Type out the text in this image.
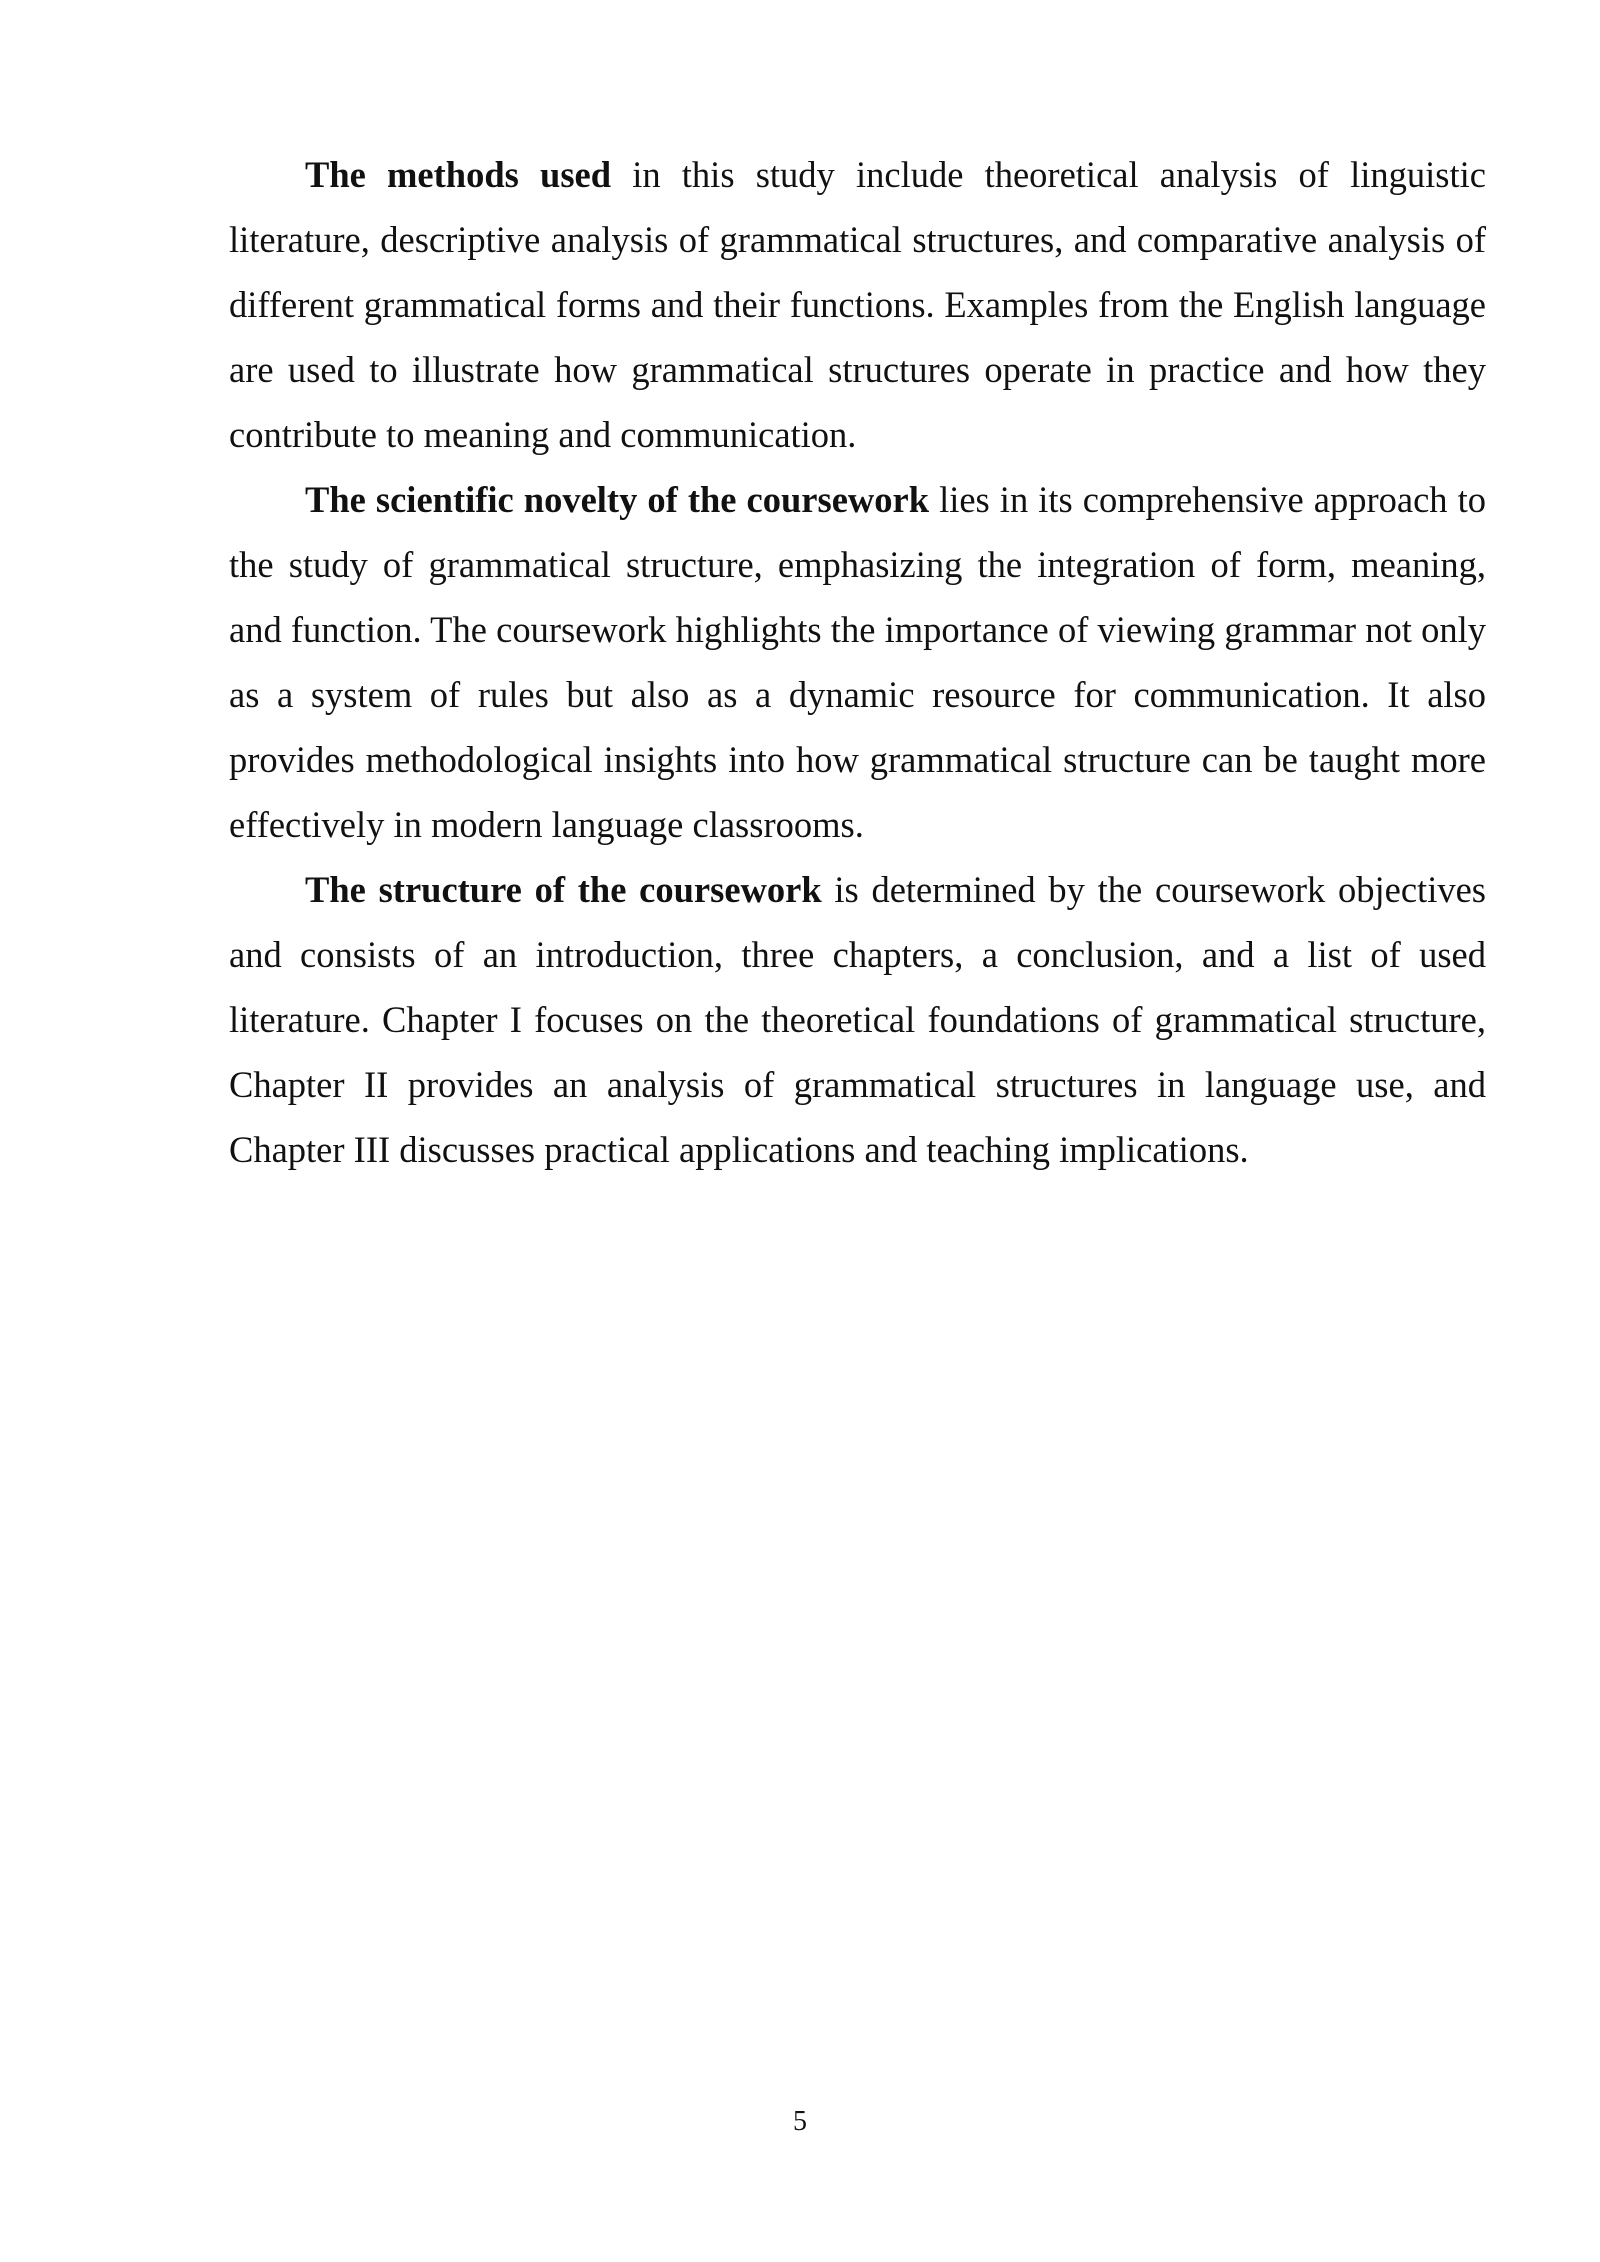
The methods used in this study include theoretical analysis of linguistic literature, descriptive analysis of grammatical structures, and comparative analysis of different grammatical forms and their functions. Examples from the English language are used to illustrate how grammatical structures operate in practice and how they contribute to meaning and communication.

The scientific novelty of the coursework lies in its comprehensive approach to the study of grammatical structure, emphasizing the integration of form, meaning, and function. The coursework highlights the importance of viewing grammar not only as a system of rules but also as a dynamic resource for communication. It also provides methodological insights into how grammatical structure can be taught more effectively in modern language classrooms.

The structure of the coursework is determined by the coursework objectives and consists of an introduction, three chapters, a conclusion, and a list of used literature. Chapter I focuses on the theoretical foundations of grammatical structure, Chapter II provides an analysis of grammatical structures in language use, and Chapter III discusses practical applications and teaching implications.

5
